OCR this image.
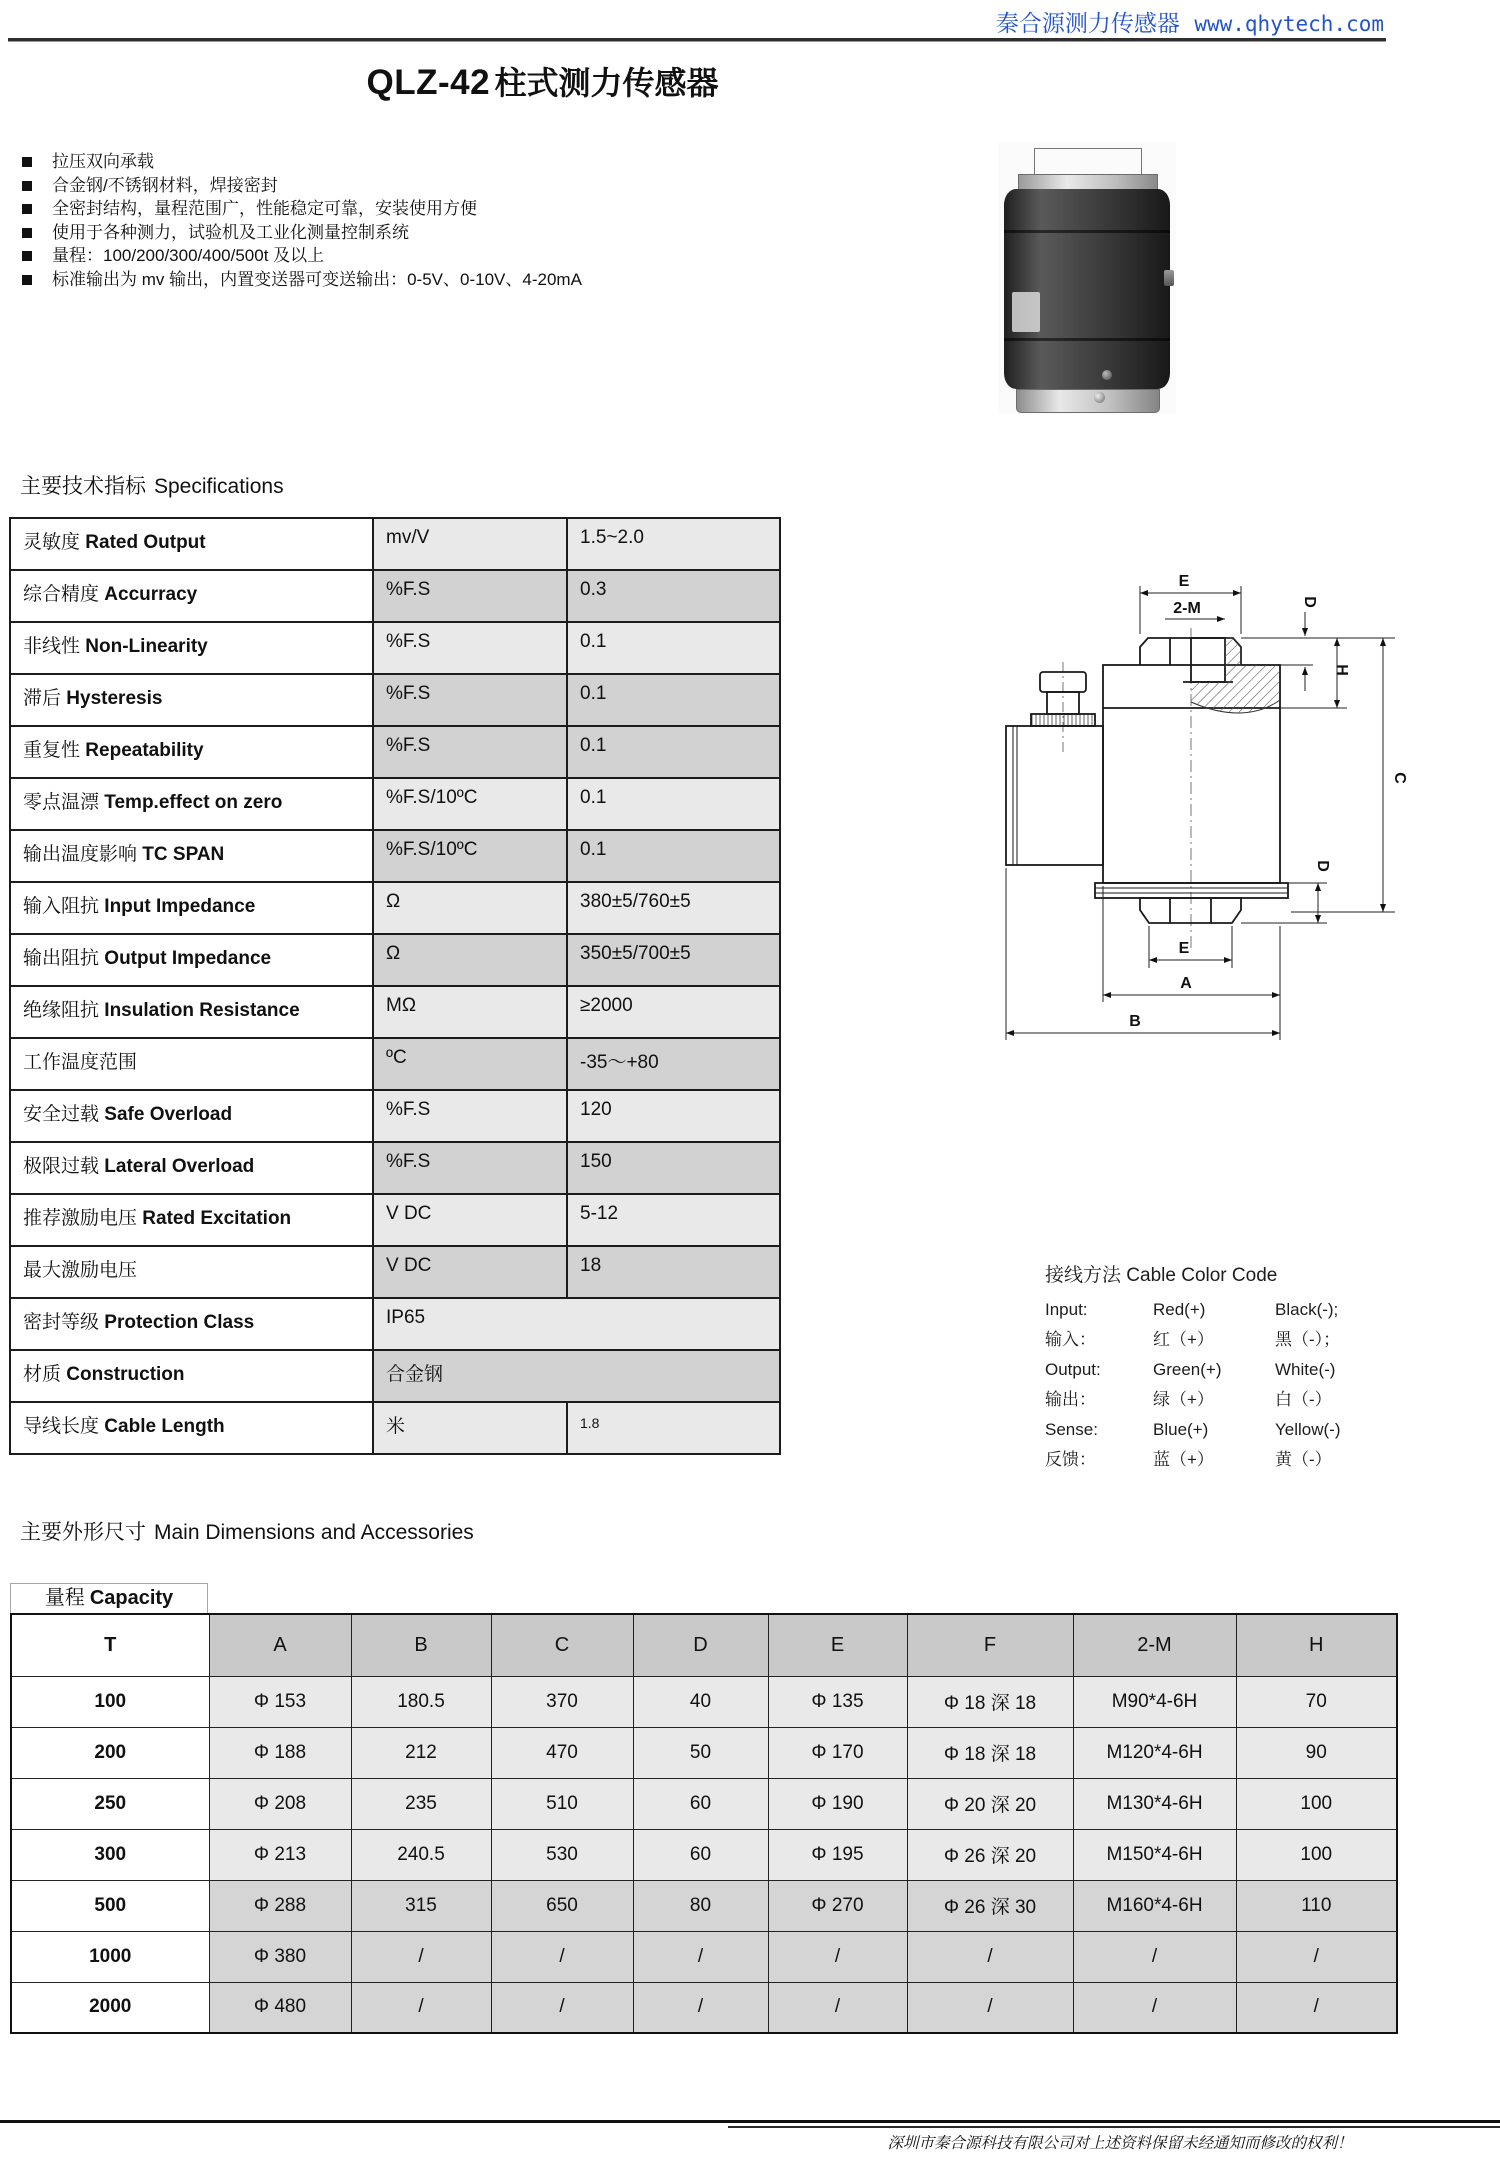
秦合源测力传感器 www.qhytech.com
QLZ-42 柱式测力传感器
拉压双向承载
合金钢/不锈钢材料，焊接密封
全密封结构，量程范围广，性能稳定可靠，安装使用方便
使用于各种测力，试验机及工业化测量控制系统
量程：100/200/300/400/500t 及以上
标准输出为 mv 输出，内置变送器可变送输出：0-5V、0-10V、4-20mA
主要技术指标 Specifications
灵敏度 Rated Output	mv/V	1.5~2.0
综合精度 Accurracy	%F.S	0.3
非线性 Non-Linearity	%F.S	0.1
滞后 Hysteresis	%F.S	0.1
重复性 Repeatability	%F.S	0.1
零点温漂 Temp.effect on zero	%F.S/10ºC	0.1
输出温度影响 TC SPAN	%F.S/10ºC	0.1
输入阻抗 Input Impedance	Ω	380±5/760±5
输出阻抗 Output Impedance	Ω	350±5/700±5
绝缘阻抗 Insulation Resistance	MΩ	≥2000
工作温度范围	ºC	-35～+80
安全过载 Safe Overload	%F.S	120
极限过载 Lateral Overload	%F.S	150
推荐激励电压 Rated Excitation	V DC	5-12
最大激励电压	V DC	18
密封等级 Protection Class	IP65	
材质 Construction	合金钢	
导线长度 Cable Length	米	1.8
E
2-M	D
H
C
D
E
A
B
接线方法 Cable Color Code
Input:	Red(+)	Black(-);
输入：	红（+）	黑（-）；
Output:	Green(+)	White(-)
输出：	绿（+）	白（-）
Sense:	Blue(+)	Yellow(-)
反馈：	蓝（+）	黄（-）
主要外形尺寸 Main Dimensions and Accessories
量程 Capacity
T	A	B	C	D	E	F	2-M	H
100	Φ 153	180.5	370	40	Φ 135	Φ 18 深 18	M90*4-6H	70
200	Φ 188	212	470	50	Φ 170	Φ 18 深 18	M120*4-6H	90
250	Φ 208	235	510	60	Φ 190	Φ 20 深 20	M130*4-6H	100
300	Φ 213	240.5	530	60	Φ 195	Φ 26 深 20	M150*4-6H	100
500	Φ 288	315	650	80	Φ 270	Φ 26 深 30	M160*4-6H	110
1000	Φ 380	/	/	/	/	/	/	/
2000	Φ 480	/	/	/	/	/	/	/
深圳市秦合源科技有限公司对上述资料保留未经通知而修改的权利！
